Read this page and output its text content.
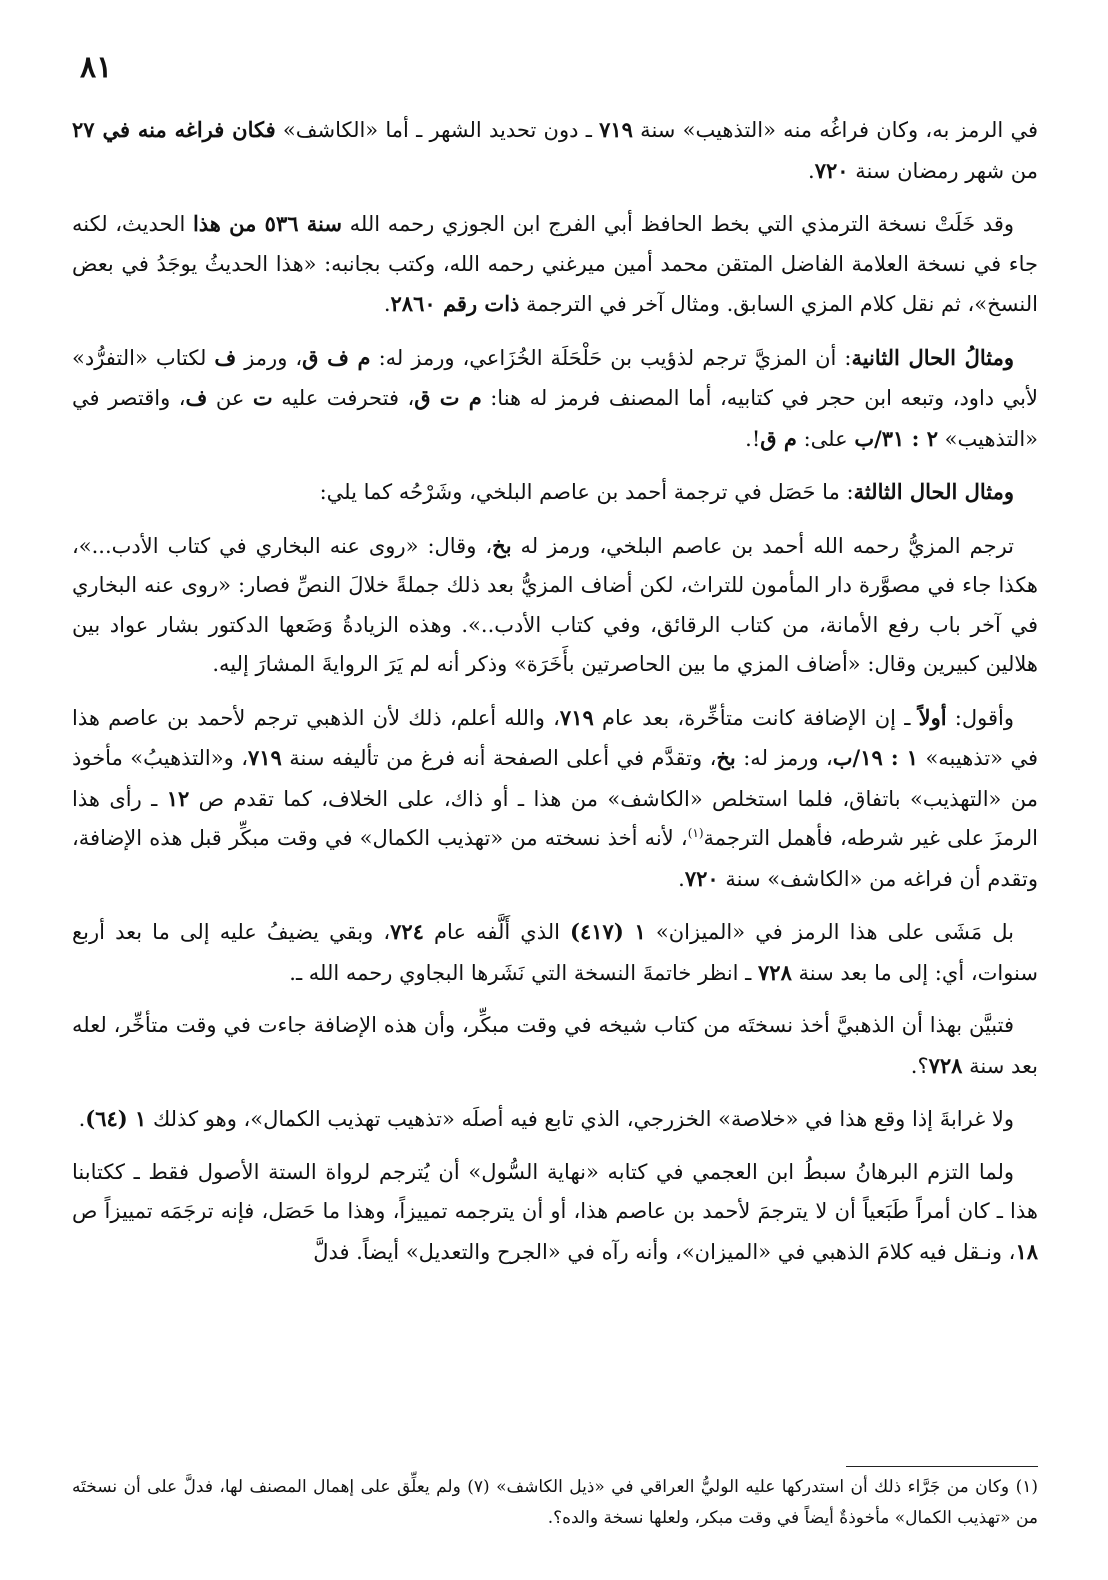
٨١

في الرمز به، وكان فراغُه منه «التذهيب» سنة ٧١٩ ـ دون تحديد الشهر ـ أما «الكاشف» فكان فراغه منه في ٢٧ من شهر رمضان سنة ٧٢٠.

وقد خَلَتْ نسخة الترمذي التي بخط الحافظ أبي الفرج ابن الجوزي رحمه الله سنة ٥٣٦ من هذا الحديث، لكنه جاء في نسخة العلامة الفاضل المتقن محمد أمين ميرغني رحمه الله، وكتب بجانبه: «هذا الحديثُ يوجَدُ في بعض النسخ»، ثم نقل كلام المزي السابق. ومثال آخر في الترجمة ذات رقم ٢٨٦٠.

ومثالُ الحال الثانية: أن المزيَّ ترجم لذؤيب بن حَلْحَلَة الخُزَاعي، ورمز له: م ف ق، ورمز ف لكتاب «التفرُّد» لأبي داود، وتبعه ابن حجر في كتابيه، أما المصنف فرمز له هنا: م ت ق، فتحرفت عليه ت عن ف، واقتصر في «التذهيب» ٢ : ٣١/ب على: م ق!.

ومثال الحال الثالثة: ما حَصَل في ترجمة أحمد بن عاصم البلخي، وشَرْحُه كما يلي:

ترجم المزيُّ رحمه الله أحمد بن عاصم البلخي، ورمز له بخ، وقال: «روى عنه البخاري في كتاب الأدب...»، هكذا جاء في مصوَّرة دار المأمون للتراث، لكن أضاف المزيُّ بعد ذلك جملةً خلالَ النصِّ فصار: «روى عنه البخاري في آخر باب رفع الأمانة، من كتاب الرقائق، وفي كتاب الأدب..». وهذه الزيادةُ وَضَعها الدكتور بشار عواد بين هلالين كبيرين وقال: «أضاف المزي ما بين الحاصرتين بأَخَرَة» وذكر أنه لم يَرَ الروايةَ المشارَ إليه.

وأقول: أولاً ـ إن الإضافة كانت متأخِّرة، بعد عام ٧١٩، والله أعلم، ذلك لأن الذهبي ترجم لأحمد بن عاصم هذا في «تذهيبه» ١ : ١٩/ب، ورمز له: بخ، وتقدَّم في أعلى الصفحة أنه فرغ من تأليفه سنة ٧١٩، و«التذهيبُ» مأخوذ من «التهذيب» باتفاق، فلما استخلص «الكاشف» من هذا ـ أو ذاك، على الخلاف، كما تقدم ص ١٢ ـ رأى هذا الرمزَ على غير شرطه، فأهمل الترجمة$^{(١)}$، لأنه أخذ نسخته من «تهذيب الكمال» في وقت مبكِّر قبل هذه الإضافة، وتقدم أن فراغه من «الكاشف» سنة ٧٢٠.

بل مَشَى على هذا الرمز في «الميزان» ١ (٤١٧) الذي أَلَّفه عام ٧٢٤، وبقي يضيفُ عليه إلى ما بعد أربع سنوات، أي: إلى ما بعد سنة ٧٢٨ ـ انظر خاتمةَ النسخة التي نَشَرها البجاوي رحمه الله ـ.

فتبيَّن بهذا أن الذهبيَّ أخذ نسختَه من كتاب شيخه في وقت مبكِّر، وأن هذه الإضافة جاءت في وقت متأخِّر، لعله بعد سنة ٧٢٨؟.

ولا غرابةَ إذا وقع هذا في «خلاصة» الخزرجي، الذي تابع فيه أصلَه «تذهيب تهذيب الكمال»، وهو كذلك ١ (٦٤).

ولما التزم البرهانُ سبطُ ابن العجمي في كتابه «نهاية السُّول» أن يُترجم لرواة الستة الأصول فقط ـ ككتابنا هذا ـ كان أمراً طَبَعياً أن لا يترجمَ لأحمد بن عاصم هذا، أو أن يترجمه تمييزاً، وهذا ما حَصَل، فإنه ترجَمَه تمييزاً ص ١٨، ونـقل فيه كلامَ الذهبي في «الميزان»، وأنه رآه في «الجرح والتعديل» أيضاً. فدلَّ

(١) وكان من جَرَّاء ذلك أن استدركها عليه الوليُّ العراقي في «ذيل الكاشف» (٧) ولم يعلِّق على إهمال المصنف لها، فدلَّ على أن نسختَه من «تهذيب الكمال» مأخوذةٌ أيضاً في وقت مبكر، ولعلها نسخة والده؟.
